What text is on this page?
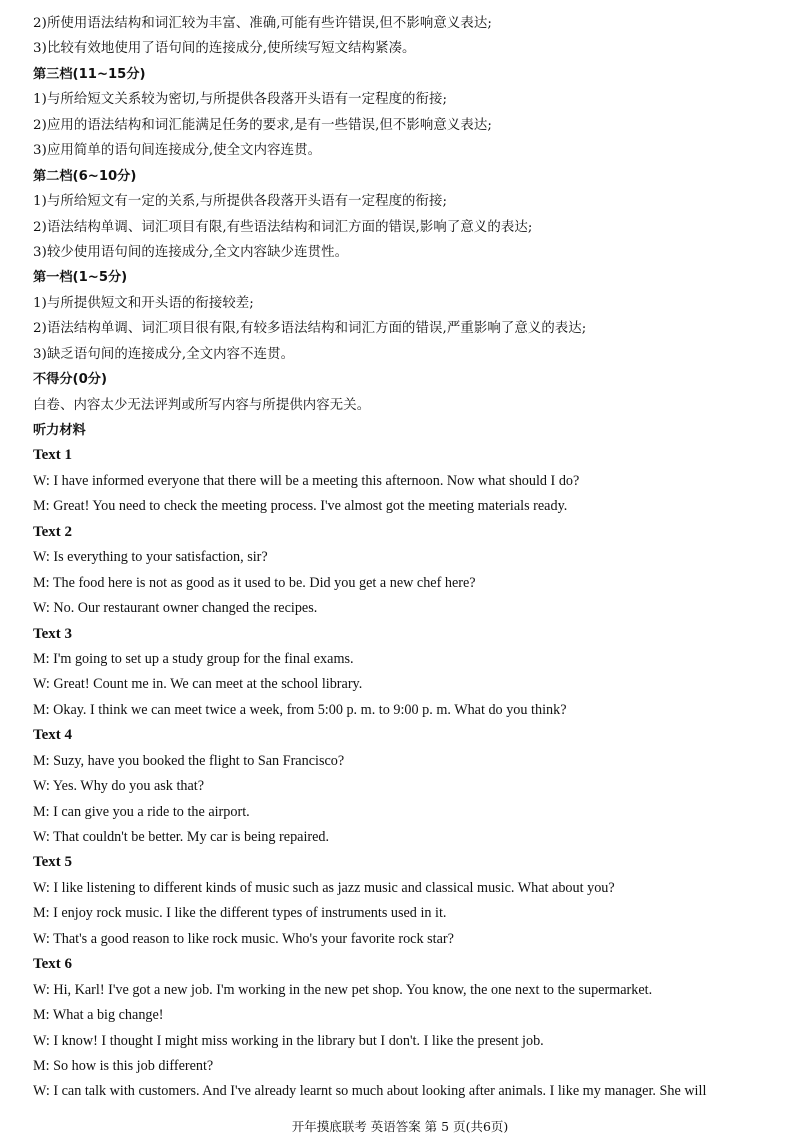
2)所使用语法结构和词汇较为丰富、准确,可能有些许错误,但不影响意义表达;
3)比较有效地使用了语句间的连接成分,使所续写短文结构紧凑。
第三档(11~15分)
1)与所给短文关系较为密切,与所提供各段落开头语有一定程度的衔接;
2)应用的语法结构和词汇能满足任务的要求,是有一些错误,但不影响意义表达;
3)应用简单的语句间连接成分,使全文内容连贯。
第二档(6~10分)
1)与所给短文有一定的关系,与所提供各段落开头语有一定程度的衔接;
2)语法结构单调、词汇项目有限,有些语法结构和词汇方面的错误,影响了意义的表达;
3)较少使用语句间的连接成分,全文内容缺少连贯性。
第一档(1~5分)
1)与所提供短文和开头语的衔接较差;
2)语法结构单调、词汇项目很有限,有较多语法结构和词汇方面的错误,严重影响了意义的表达;
3)缺乏语句间的连接成分,全文内容不连贯。
不得分(0分)
白卷、内容太少无法评判或所写内容与所提供内容无关。
听力材料
Text 1
W: I have informed everyone that there will be a meeting this afternoon. Now what should I do?
M: Great! You need to check the meeting process. I've almost got the meeting materials ready.
Text 2
W: Is everything to your satisfaction, sir?
M: The food here is not as good as it used to be. Did you get a new chef here?
W: No. Our restaurant owner changed the recipes.
Text 3
M: I'm going to set up a study group for the final exams.
W: Great! Count me in. We can meet at the school library.
M: Okay. I think we can meet twice a week, from 5:00 p. m. to 9:00 p. m. What do you think?
Text 4
M: Suzy, have you booked the flight to San Francisco?
W: Yes. Why do you ask that?
M: I can give you a ride to the airport.
W: That couldn't be better. My car is being repaired.
Text 5
W: I like listening to different kinds of music such as jazz music and classical music. What about you?
M: I enjoy rock music. I like the different types of instruments used in it.
W: That's a good reason to like rock music. Who's your favorite rock star?
Text 6
W: Hi, Karl! I've got a new job. I'm working in the new pet shop. You know, the one next to the supermarket.
M: What a big change!
W: I know! I thought I might miss working in the library but I don't. I like the present job.
M: So how is this job different?
W: I can talk with customers. And I've already learnt so much about looking after animals. I like my manager. She will
开年摸底联考 英语答案 第 5 页(共6页)
